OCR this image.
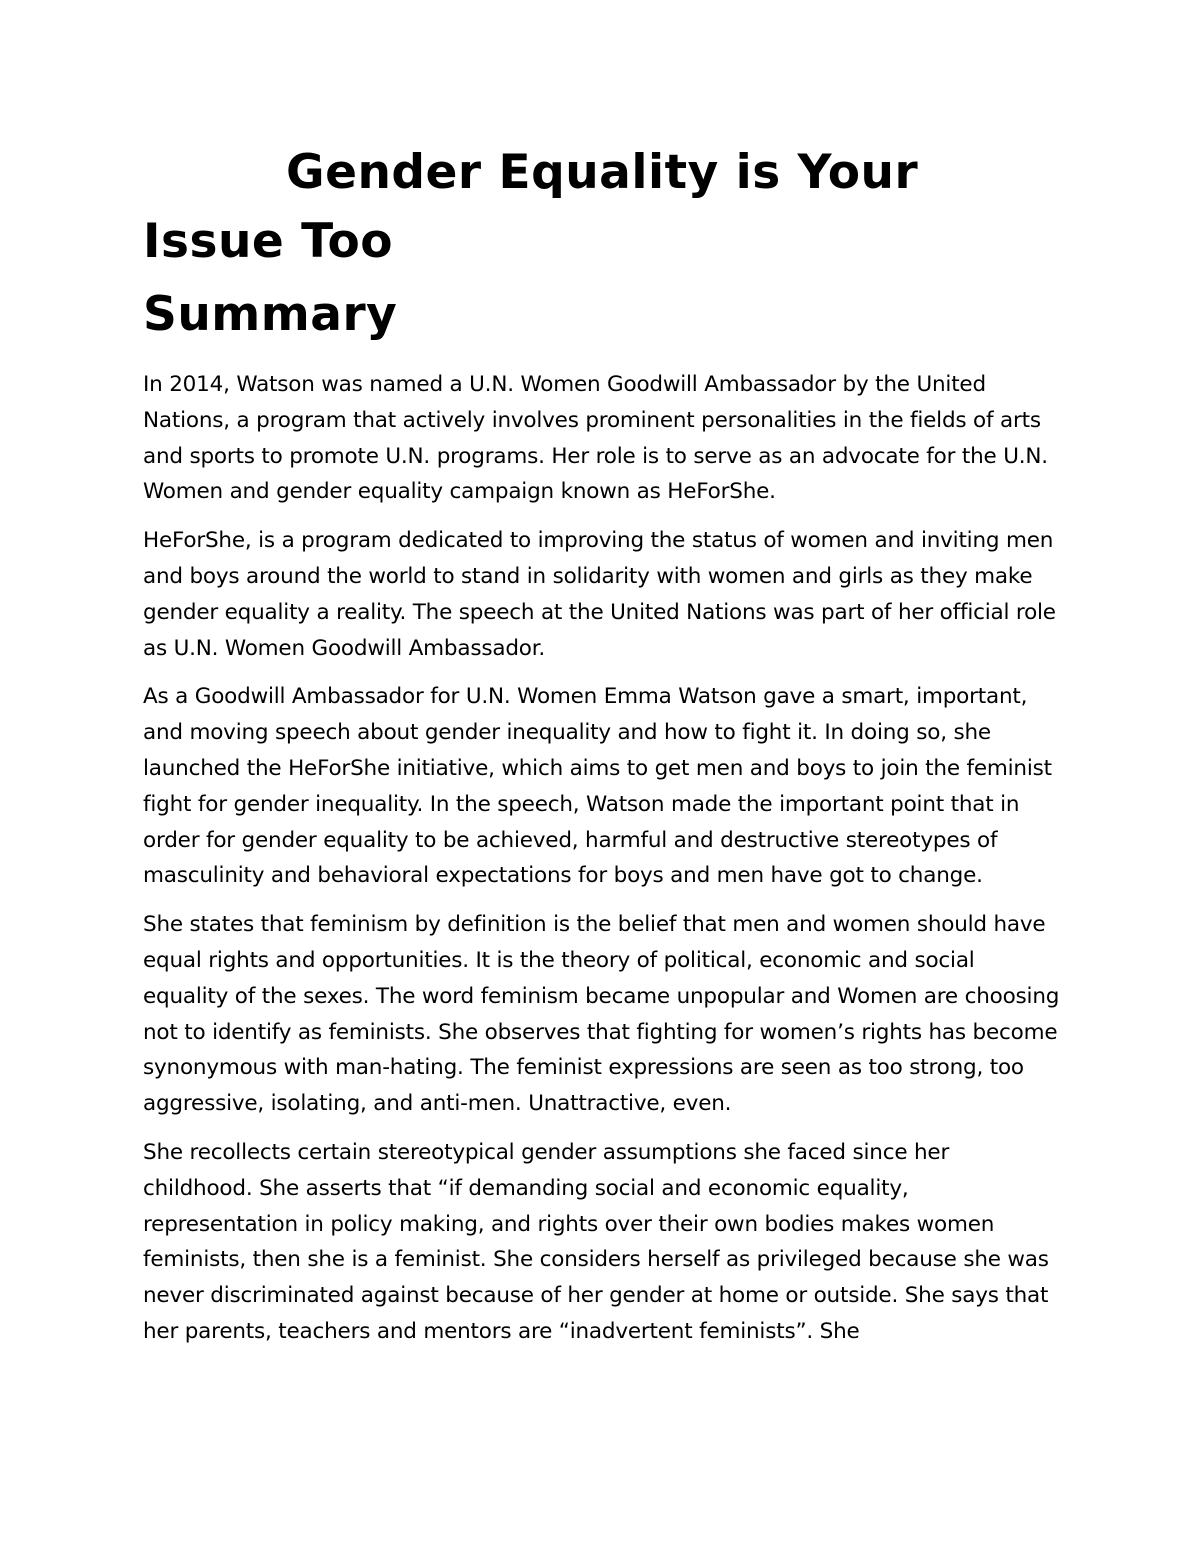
Gender Equality is Your Issue Too
Summary

In 2014, Watson was named a U.N. Women Goodwill Ambassador by the United Nations, a program that actively involves prominent personalities in the fields of arts and sports to promote U.N. programs. Her role is to serve as an advocate for the U.N. Women and gender equality campaign known as HeForShe.

HeForShe, is a program dedicated to improving the status of women and inviting men and boys around the world to stand in solidarity with women and girls as they make gender equality a reality. The speech at the United Nations was part of her official role as U.N. Women Goodwill Ambassador.

As a Goodwill Ambassador for U.N. Women Emma Watson gave a smart, important, and moving speech about gender inequality and how to fight it. In doing so, she launched the HeForShe initiative, which aims to get men and boys to join the feminist fight for gender inequality. In the speech, Watson made the important point that in order for gender equality to be achieved, harmful and destructive stereotypes of masculinity and behavioral expectations for boys and men have got to change.

She states that feminism by definition is the belief that men and women should have equal rights and opportunities. It is the theory of political, economic and social equality of the sexes. The word feminism became unpopular and Women are choosing not to identify as feminists. She observes that fighting for women’s rights has become synonymous with man-hating. The feminist expressions are seen as too strong, too aggressive, isolating, and anti-men. Unattractive, even.

She recollects certain stereotypical gender assumptions she faced since her childhood. She asserts that “if demanding social and economic equality, representation in policy making, and rights over their own bodies makes women feminists, then she is a feminist. She considers herself as privileged because she was never discriminated against because of her gender at home or outside. She says that her parents, teachers and mentors are “inadvertent feminists”. She
